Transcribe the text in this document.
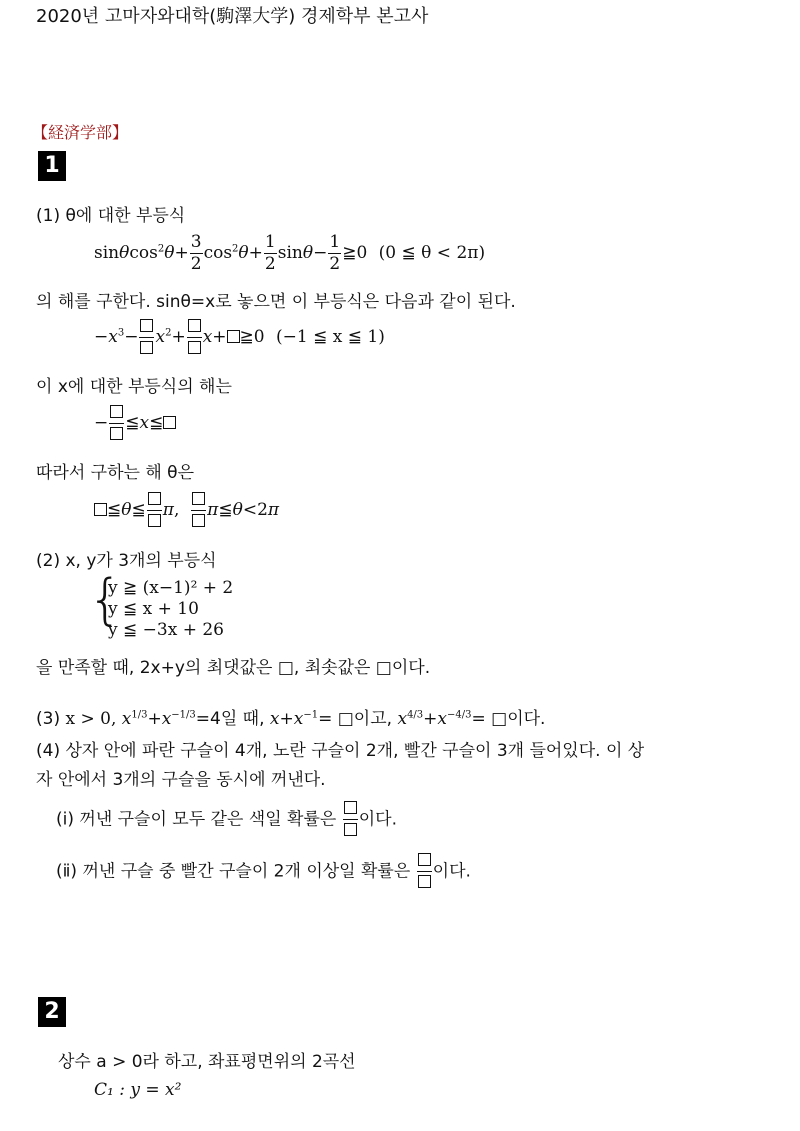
2020년 고마자와대학(駒澤大学) 경제학부 본고사
【経済学部】
1
(1) θ에 대한 부등식
$\sin\theta\cos^2\theta+ \frac{3}{2} \cos^2\theta+ \frac{1}{2} \sin\theta- \frac{1}{2}$ ≧0 (0 ≦ θ < 2π)
의 해를 구한다. sinθ=x로 놓으면 이 부등식은 다음과 같이 된다.
$-x^3- x^2+ x+$ ≧0 (−1 ≦ x ≦ 1)
이 x에 대한 부등식의 해는
− ≦x≦
따라서 구하는 해 θ은
≦θ≦ π,
π≦θ<2π
(2) x, y가 3개의 부등식
{
y ≧ (x−1)² + 2
y ≦ x + 10
y ≦ −3x + 26
을 만족할 때, 2x+y의 최댓값은 □, 최솟값은 □이다.
(3) x > 0, $x^{1/3}+x^{-1/3}=4$일 때, $x+x^{-1}=$ □이고, $x^{4/3}+x^{-4/3}=$ □이다.
(4) 상자 안에 파란 구슬이 4개, 노란 구슬이 2개, 빨간 구슬이 3개 들어있다. 이 상
자 안에서 3개의 구슬을 동시에 꺼낸다.
(ⅰ) 꺼낸 구슬이 모두 같은 색일 확률은 이다.
(ⅱ) 꺼낸 구슬 중 빨간 구슬이 2개 이상일 확률은 이다.
2
상수 a > 0라 하고, 좌표평면위의 2곡선
C₁ : y = x²
